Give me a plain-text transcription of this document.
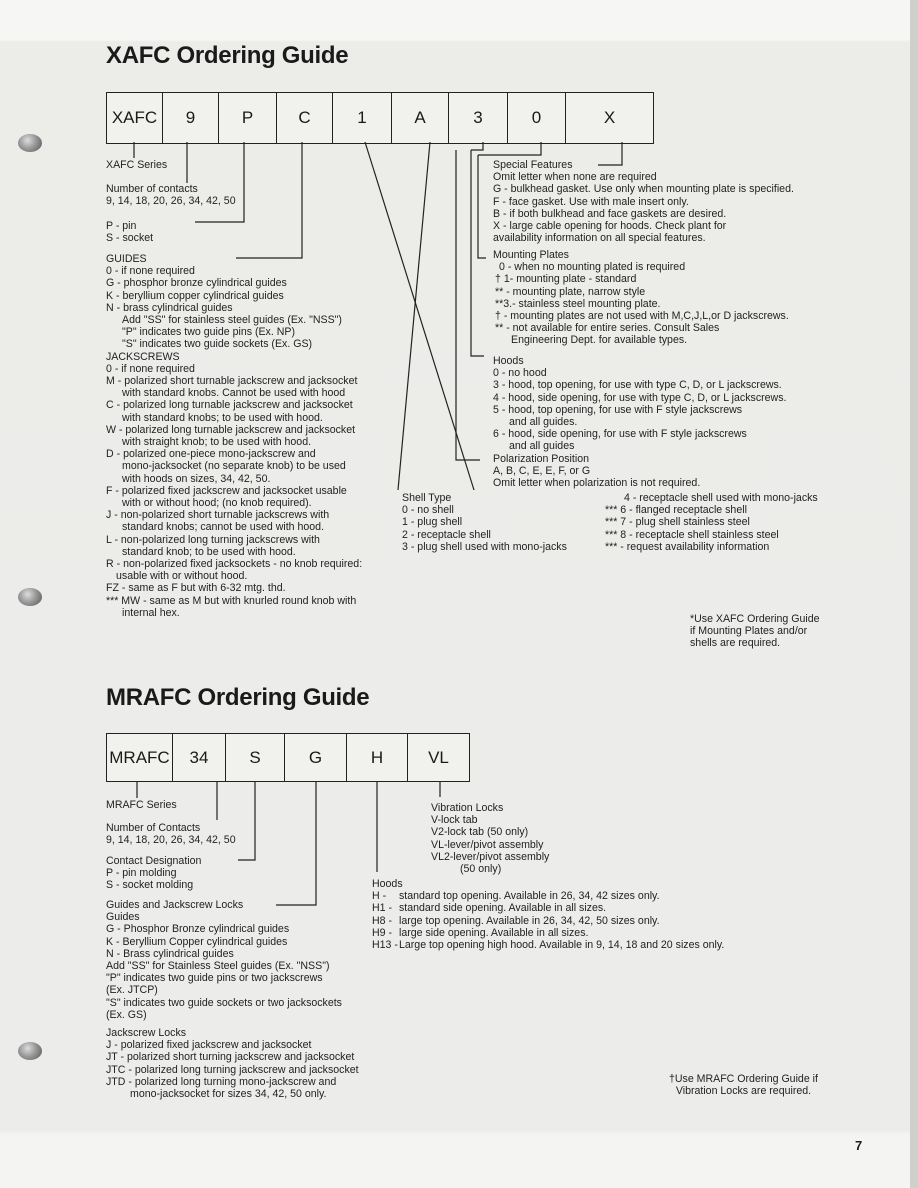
XAFC Ordering Guide
XAFC	9	P	C	1	A	3	0	X
XAFC Series
Number of contacts
9, 14, 18, 20, 26, 34, 42, 50
P - pin
S - socket
GUIDES
0 - if none required
G - phosphor bronze cylindrical guides
K - beryllium copper cylindrical guides
N - brass cylindrical guides
Add "SS" for stainless steel guides (Ex. "NSS")
"P" indicates two guide pins (Ex. NP)
"S" indicates two guide sockets (Ex. GS)
JACKSCREWS
0 - if none required
M - polarized short turnable jackscrew and jacksocket
with standard knobs. Cannot be used with hood
C - polarized long turnable jackscrew and jacksocket
with standard knobs; to be used with hood.
W - polarized long turnable jackscrew and jacksocket
with straight knob; to be used with hood.
D - polarized one-piece mono-jackscrew and
mono-jacksocket (no separate knob) to be used
with hoods on sizes, 34, 42, 50.
F - polarized fixed jackscrew and jacksocket usable
with or without hood; (no knob required).
J - non-polarized short turnable jackscrews with
standard knobs; cannot be used with hood.
L - non-polarized long turning jackscrews with
standard knob; to be used with hood.
R - non-polarized fixed jacksockets - no knob required:
usable with or without hood.
FZ - same as F but with 6-32 mtg. thd.
*** MW - same as M but with knurled round knob with
internal hex.
Special Features
Omit letter when none are required
G - bulkhead gasket. Use only when mounting plate is specified.
F - face gasket. Use with male insert only.
B - if both bulkhead and face gaskets are desired.
X - large cable opening for hoods. Check plant for
availability information on all special features.
Mounting Plates
0 - when no mounting plated is required
† 1- mounting plate - standard
** - mounting plate, narrow style
**3.- stainless steel mounting plate.
† - mounting plates are not used with M,C,J,L,or D jackscrews.
** - not available for entire series. Consult Sales
Engineering Dept. for available types.
Hoods
0 - no hood
3 - hood, top opening, for use with type C, D, or L jackscrews.
4 - hood, side opening, for use with type C, D, or L jackscrews.
5 - hood, top opening, for use with F style jackscrews
and all guides.
6 - hood, side opening, for use with F style jackscrews
and all guides
Polarization Position
A, B, C, E, E, F, or G
Omit letter when polarization is not required.
Shell Type
0 - no shell
1 - plug shell
2 - receptacle shell
3 - plug shell used with mono-jacks
4 - receptacle shell used with mono-jacks
*** 6 - flanged receptacle shell
*** 7 - plug shell stainless steel
*** 8 - receptacle shell stainless steel
*** - request availability information
*Use XAFC Ordering Guide
if Mounting Plates and/or
shells are required.
MRAFC Ordering Guide
MRAFC	34	S	G	H	VL
MRAFC Series
Number of Contacts
9, 14, 18, 20, 26, 34, 42, 50
Contact Designation
P - pin molding
S - socket molding
Guides and Jackscrew Locks
Guides
G - Phosphor Bronze cylindrical guides
K - Beryllium Copper cylindrical guides
N - Brass cylindrical guides
Add "SS" for Stainless Steel guides (Ex. "NSS")
"P" indicates two guide pins or two jackscrews
(Ex. JTCP)
"S" indicates two guide sockets or two jacksockets
(Ex. GS)
Jackscrew Locks
J - polarized fixed jackscrew and jacksocket
JT - polarized short turning jackscrew and jacksocket
JTC - polarized long turning jackscrew and jacksocket
JTD - polarized long turning mono-jackscrew and
mono-jacksocket for sizes 34, 42, 50 only.
Vibration Locks
V-lock tab
V2-lock tab (50 only)
VL-lever/pivot assembly
VL2-lever/pivot assembly
(50 only)
Hoods
H - standard top opening. Available in 26, 34, 42 sizes only.
H1 - standard side opening. Available in all sizes.
H8 - large top opening. Available in 26, 34, 42, 50 sizes only.
H9 - large side opening. Available in all sizes.
H13 -Large top opening high hood. Available in 9, 14, 18 and 20 sizes only.
†Use MRAFC Ordering Guide if
Vibration Locks are required.
7
